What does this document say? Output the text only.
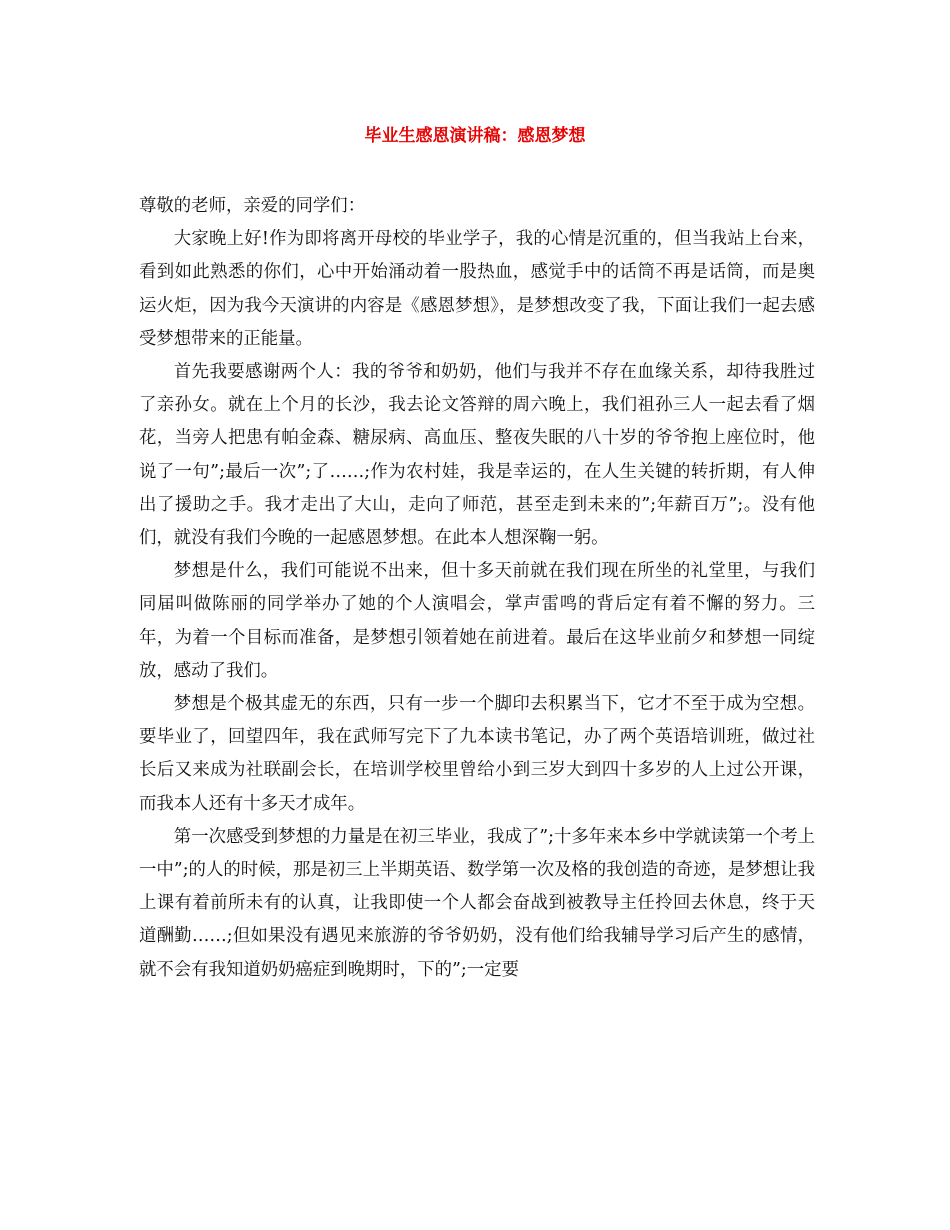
毕业生感恩演讲稿：感恩梦想

尊敬的老师，亲爱的同学们：

大家晚上好!作为即将离开母校的毕业学子，我的心情是沉重的，但当我站上台来，看到如此熟悉的你们，心中开始涌动着一股热血，感觉手中的话筒不再是话筒，而是奥运火炬，因为我今天演讲的内容是《感恩梦想》，是梦想改变了我，下面让我们一起去感受梦想带来的正能量。

首先我要感谢两个人：我的爷爷和奶奶，他们与我并不存在血缘关系，却待我胜过了亲孙女。就在上个月的长沙，我去论文答辩的周六晚上，我们祖孙三人一起去看了烟花，当旁人把患有帕金森、糖尿病、高血压、整夜失眠的八十岁的爷爷抱上座位时，他说了一句”;最后一次”;了……;作为农村娃，我是幸运的，在人生关键的转折期，有人伸出了援助之手。我才走出了大山，走向了师范，甚至走到未来的”;年薪百万”;。没有他们，就没有我们今晚的一起感恩梦想。在此本人想深鞠一躬。

梦想是什么，我们可能说不出来，但十多天前就在我们现在所坐的礼堂里，与我们同届叫做陈丽的同学举办了她的个人演唱会，掌声雷鸣的背后定有着不懈的努力。三年，为着一个目标而准备，是梦想引领着她在前进着。最后在这毕业前夕和梦想一同绽放，感动了我们。

梦想是个极其虚无的东西，只有一步一个脚印去积累当下，它才不至于成为空想。要毕业了，回望四年，我在武师写完下了九本读书笔记，办了两个英语培训班，做过社长后又来成为社联副会长，在培训学校里曾给小到三岁大到四十多岁的人上过公开课，而我本人还有十多天才成年。

第一次感受到梦想的力量是在初三毕业，我成了”;十多年来本乡中学就读第一个考上一中”;的人的时候，那是初三上半期英语、数学第一次及格的我创造的奇迹，是梦想让我上课有着前所未有的认真，让我即使一个人都会奋战到被教导主任拎回去休息，终于天道酬勤……;但如果没有遇见来旅游的爷爷奶奶，没有他们给我辅导学习后产生的感情，就不会有我知道奶奶癌症到晚期时，下的”;一定要
